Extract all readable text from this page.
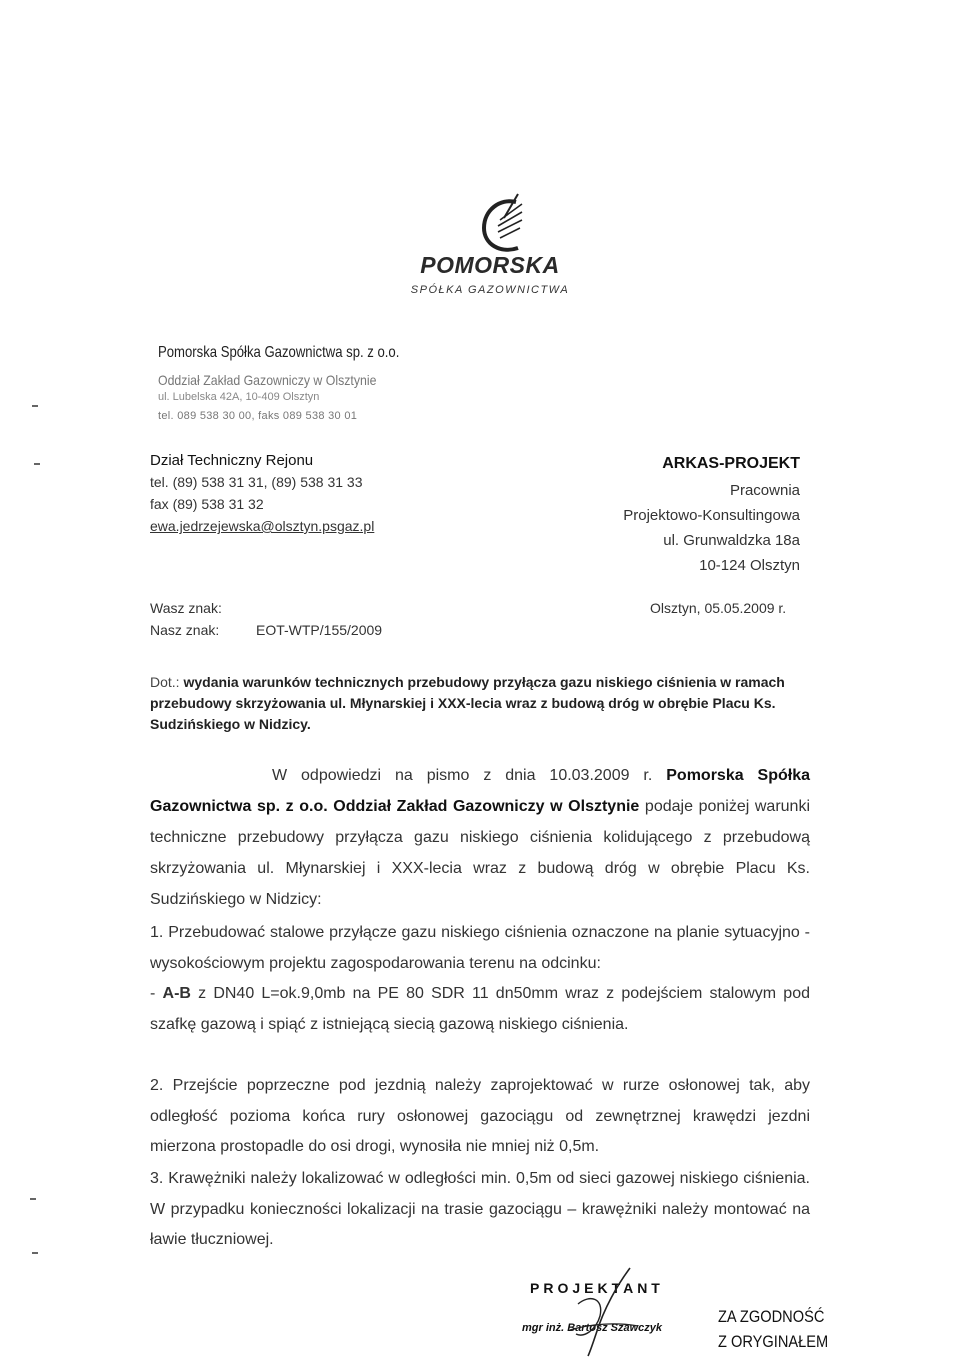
POMORSKA
SPÓŁKA GAZOWNICTWA
Pomorska Spółka Gazownictwa sp. z o.o.
Oddział Zakład Gazowniczy w Olsztynie
ul. Lubelska 42A, 10-409 Olsztyn
tel. 089 538 30 00, faks 089 538 30 01
Dział Techniczny Rejonu
tel. (89) 538 31 31, (89) 538 31 33
fax (89) 538 31 32
ewa.jedrzejewska@olsztyn.psgaz.pl
ARKAS-PROJEKT
Pracownia
Projektowo-Konsultingowa
ul. Grunwaldzka 18a
10-124 Olsztyn
Wasz znak:
Nasz znak:	EOT-WTP/155/2009
Olsztyn, 05.05.2009 r.
Dot.: wydania warunków technicznych przebudowy przyłącza gazu niskiego ciśnienia w ramach przebudowy skrzyżowania ul. Młynarskiej i XXX-lecia wraz z budową dróg w obrębie Placu Ks. Sudzińskiego w Nidzicy.
W odpowiedzi na pismo z dnia 10.03.2009 r. Pomorska Spółka Gazownictwa sp. z o.o. Oddział Zakład Gazowniczy w Olsztynie podaje poniżej warunki techniczne przebudowy przyłącza gazu niskiego ciśnienia kolidującego z przebudową skrzyżowania ul. Młynarskiej i XXX-lecia wraz z budową dróg w obrębie Placu Ks. Sudzińskiego w Nidzicy:
1. Przebudować stalowe przyłącze gazu niskiego ciśnienia oznaczone na planie sytuacyjno -wysokościowym projektu zagospodarowania terenu na odcinku:
- A-B z DN40 L=ok.9,0mb na PE 80 SDR 11 dn50mm wraz z podejściem stalowym pod szafkę gazową i spiąć z istniejącą siecią gazową niskiego ciśnienia.
2. Przejście poprzeczne pod jezdnią należy zaprojektować w rurze osłonowej tak, aby odległość pozioma końca rury osłonowej gazociągu od zewnętrznej krawędzi jezdni mierzona prostopadle do osi drogi, wynosiła nie mniej niż 0,5m.
3. Krawężniki należy lokalizować w odległości min. 0,5m od sieci gazowej niskiego ciśnienia. W przypadku konieczności lokalizacji na trasie gazociągu – krawężniki należy montować na ławie tłuczniowej.
PROJEKTANT
mgr inż. Bartosz Szawczyk
ZA ZGODNOŚĆ
Z ORYGINAŁEM
